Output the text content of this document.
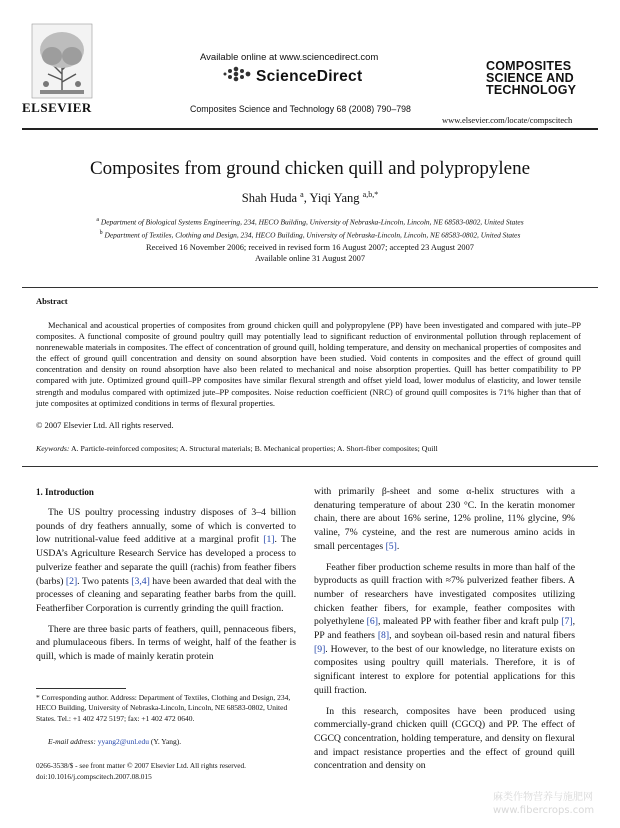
ELSEVIER
Available online at www.sciencedirect.com
ScienceDirect
Composites Science and Technology 68 (2008) 790–798
COMPOSITES
SCIENCE AND
TECHNOLOGY
www.elsevier.com/locate/compscitech
Composites from ground chicken quill and polypropylene
Shah Huda $^a$, Yiqi Yang $^{a,b,*}$
$^a$ Department of Biological Systems Engineering, 234, HECO Building, University of Nebraska-Lincoln, Lincoln, NE 68583-0802, United States
$^b$ Department of Textiles, Clothing and Design, 234, HECO Building, University of Nebraska-Lincoln, Lincoln, NE 68583-0802, United States
Received 16 November 2006; received in revised form 16 August 2007; accepted 23 August 2007
Available online 31 August 2007
Abstract
Mechanical and acoustical properties of composites from ground chicken quill and polypropylene (PP) have been investigated and compared with jute–PP composites. A functional composite of ground poultry quill may potentially lead to significant reduction of environmental pollution through replacement of nonrenewable materials in composites. The effect of concentration of ground quill, holding temperature, and density on mechanical properties of composites and the effect of ground quill concentration and density on sound absorption have been studied. Void contents in composites and the effect of ground quill concentration and density on round absorption have also been related to mechanical and noise absorption properties. Quill has better compatibility to PP compared with jute. Optimized ground quill–PP composites have similar flexural strength and offset yield load, lower modulus of elasticity, and lower tensile strength and modulus compared with optimized jute–PP composites. Noise reduction coefficient (NRC) of ground quill composites is 71% higher than that of jute composites at optimized conditions in terms of flexural properties.
© 2007 Elsevier Ltd. All rights reserved.
Keywords: A. Particle-reinforced composites; A. Structural materials; B. Mechanical properties; A. Short-fiber composites; Quill
1. Introduction

The US poultry processing industry disposes of 3–4 billion pounds of dry feathers annually, some of which is converted to low nutritional-value feed additive at a marginal profit [1]. The USDA’s Agriculture Research Service has developed a process to pulverize feather and separate the quill (rachis) from feather fibers (barbs) [2]. Two patents [3,4] have been awarded that deal with the processes of cleaning and separating feather barbs from the quill. Featherfiber Corporation is currently grinding the quill fraction.

There are three basic parts of feathers, quill, pennaceous fibers, and plumulaceous fibers. In terms of weight, half of the feather is quill, which is made of mainly keratin protein

with primarily β-sheet and some α-helix structures with a denaturing temperature of about 230 °C. In the keratin monomer chain, there are about 16% serine, 12% proline, 11% glycine, 9% valine, 7% cysteine, and the rest are numerous amino acids in small percentages [5].

Feather fiber production scheme results in more than half of the byproducts as quill fraction with ≈7% pulverized feather fibers. A number of researchers have investigated composites utilizing chicken feather fibers, for example, feather composites with polyethylene [6], maleated PP with feather fiber and kraft pulp [7], PP and feathers [8], and soybean oil-based resin and natural fibers [9]. However, to the best of our knowledge, no literature exists on composites using poultry quill materials. Therefore, it is of significant interest to explore for potential applications for this quill fraction.

In this research, composites have been produced using commercially-grand chicken quill (CGCQ) and PP. The effect of CGCQ concentration, holding temperature, and density on flexural and impact resistance properties and the effect of ground quill concentration and density on

* Corresponding author. Address: Department of Textiles, Clothing and Design, 234, HECO Building, University of Nebraska-Lincoln, Lincoln, NE 68583-0802, United States. Tel.: +1 402 472 5197; fax: +1 402 472 0640.
E-mail address: yyang2@unl.edu (Y. Yang).
0266-3538/$ - see front matter © 2007 Elsevier Ltd. All rights reserved.
doi:10.1016/j.compscitech.2007.08.015
麻类作物营养与施肥网
www.fibercrops.com
